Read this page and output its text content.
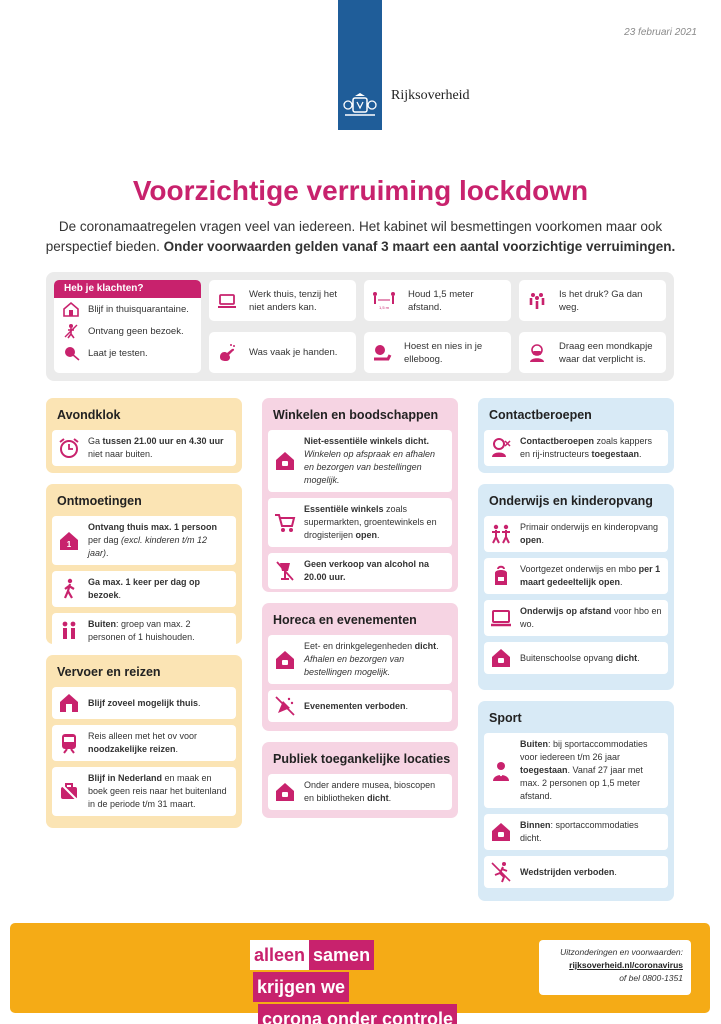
23 februari 2021
Rijksoverheid
Voorzichtige verruiming lockdown

De coronamaatregelen vragen veel van iedereen. Het kabinet wil besmettingen voorkomen maar ook perspectief bieden. Onder voorwaarden gelden vanaf 3 maart een aantal voorzichtige verruimingen.

Heb je klachten?
Blijf in thuisquarantaine.
Ontvang geen bezoek.
Laat je testen.
Werk thuis, tenzij het niet anders kan.	1,5 m
Houd 1,5 meter afstand.
Is het druk? Ga dan weg.
Was vaak je handen.
Hoest en nies in je elleboog.
Draag een mondkapje waar dat verplicht is.
Avondklok
Ga tussen 21.00 uur en 4.30 uur niet naar buiten.
Ontmoetingen
1
Ontvang thuis max. 1 persoon per dag (excl. kinderen t/m 12 jaar).
Ga max. 1 keer per dag op bezoek.
Buiten: groep van max. 2 personen of 1 huishouden.
Vervoer en reizen
Blijf zoveel mogelijk thuis.
Reis alleen met het ov voor noodzakelijke reizen.
Blijf in Nederland en maak en boek geen reis naar het buitenland in de periode t/m 31 maart.
Winkelen en boodschappen
Niet-essentiële winkels dicht.
Winkelen op afspraak en afhalen en bezorgen van bestellingen mogelijk.
Essentiële winkels zoals supermarkten, groentewinkels en drogisterijen open.
Geen verkoop van alcohol na 20.00 uur.
Horeca en evenementen
Eet- en drinkgelegenheden dicht.
Afhalen en bezorgen van bestellingen mogelijk.
Evenementen verboden.
Publiek toegankelijke locaties
Onder andere musea, bioscopen en bibliotheken dicht.
Contactberoepen
Contactberoepen zoals kappers en rij-instructeurs toegestaan.
Onderwijs en kinderopvang
Primair onderwijs en kinderopvang open.
Voortgezet onderwijs en mbo per 1 maart gedeeltelijk open.
Onderwijs op afstand voor hbo en wo.
Buitenschoolse opvang dicht.
Sport
Buiten: bij sportaccommodaties voor iedereen t/m 26 jaar toegestaan. Vanaf 27 jaar met max. 2 personen op 1,5 meter afstand.
Binnen: sportaccommodaties dicht.
Wedstrijden verboden.
alleen samenkrijgen we
corona onder controle
Uitzonderingen en voorwaarden:
rijksoverheid.nl/coronavirus
of bel 0800-1351
